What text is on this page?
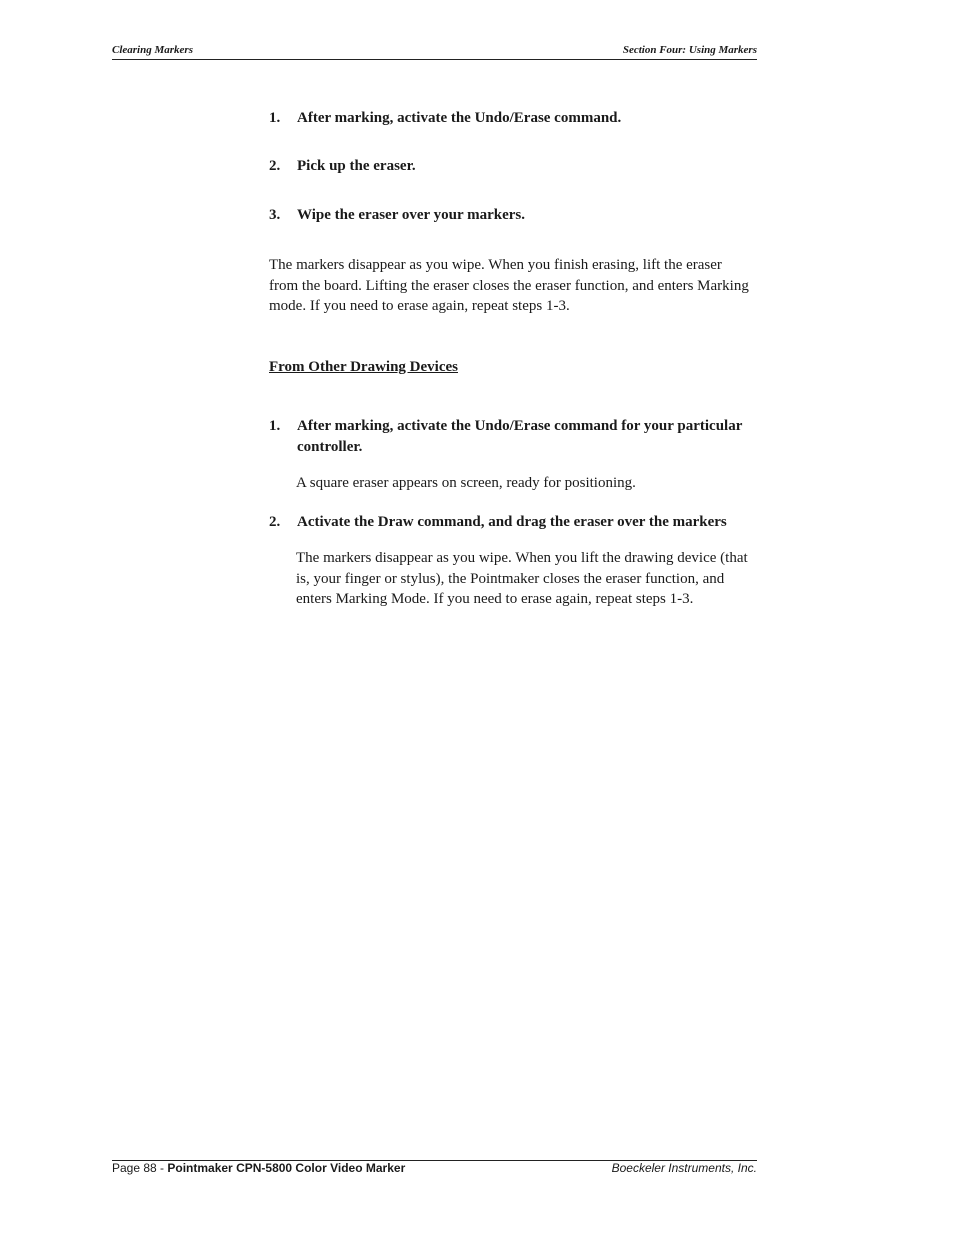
Clearing Markers	Section Four: Using Markers
1.	After marking, activate the Undo/Erase command.
2.	Pick up the eraser.
3.	Wipe the eraser over your markers.
The markers disappear as you wipe. When you finish erasing, lift the eraser from the board. Lifting the eraser closes the eraser function, and enters Marking mode. If you need to erase again, repeat steps 1-3.
From Other Drawing Devices
1.	After marking, activate the Undo/Erase command for your particular controller.
A square eraser appears on screen, ready for positioning.
2.	Activate the Draw command, and drag the eraser over the markers
The markers disappear as you wipe. When you lift the drawing device (that is, your finger or stylus), the Pointmaker closes the eraser function, and enters Marking Mode. If you need to erase again, repeat steps 1-3.
Page 88 - Pointmaker CPN-5800 Color Video Marker	Boeckeler Instruments, Inc.
